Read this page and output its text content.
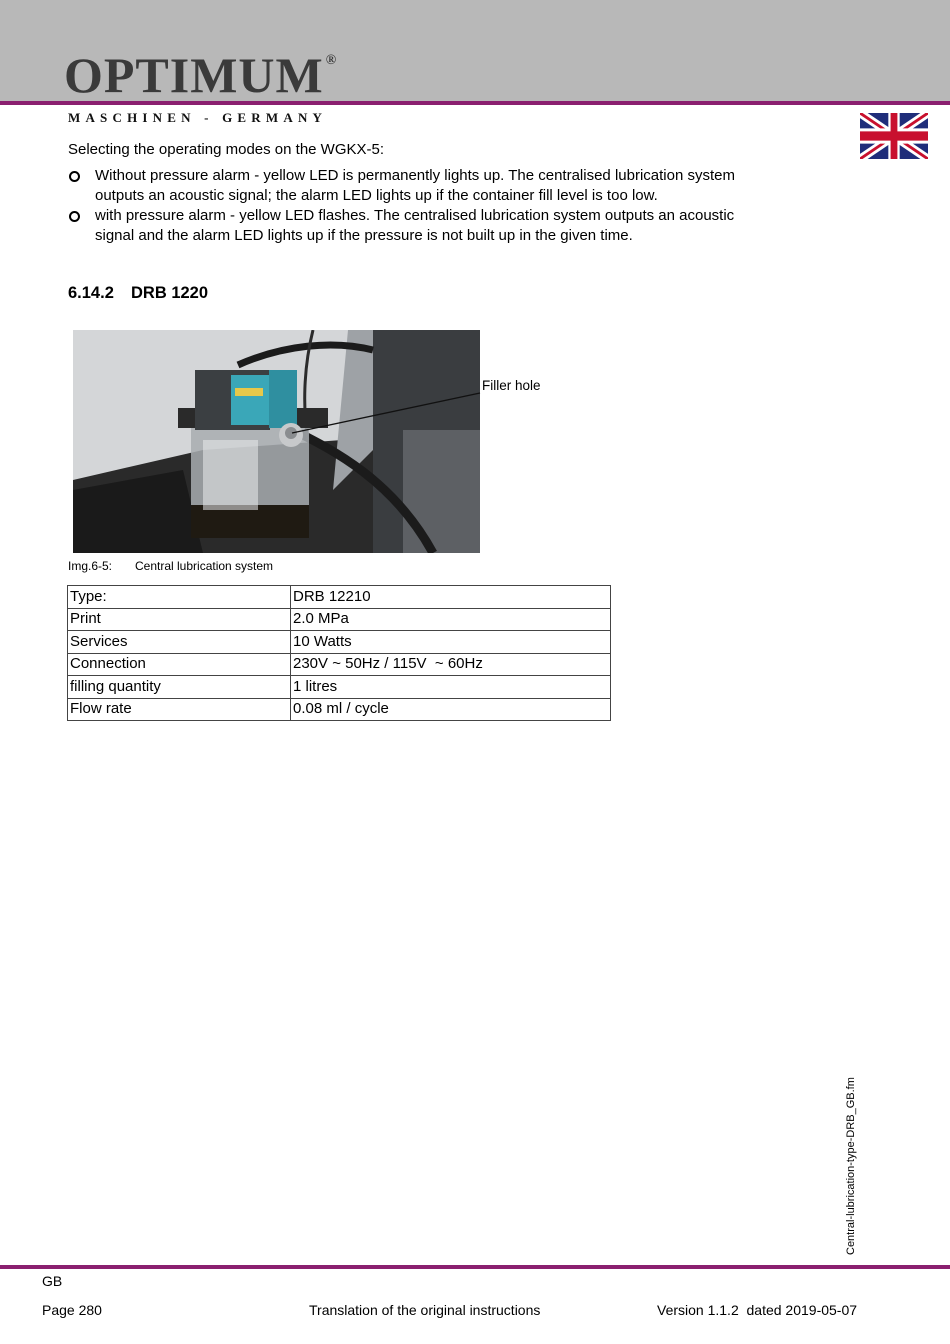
OPTIMUM ®
MASCHINEN - GERMANY
Selecting the operating modes on the WGKX-5:
Without pressure alarm - yellow LED is permanently lights up. The centralised lubrication system outputs an acoustic signal; the alarm LED lights up if the container fill level is too low.
with pressure alarm - yellow LED flashes. The centralised lubrication system outputs an acoustic signal and the alarm LED lights up if the pressure is not built up in the given time.
6.14.2 DRB 1220
Filler hole
Img.6-5: Central lubrication system
Type:	DRB 12210
Print	2.0 MPa
Services	10 Watts
Connection	230V ~ 50Hz / 115V  ~ 60Hz
filling quantity	1 litres
Flow rate	0.08 ml / cycle
Central-lubrication-type-DRB_GB.fm
GB
Page 280	Translation of the original instructions	Version 1.1.2  dated 2019-05-07
